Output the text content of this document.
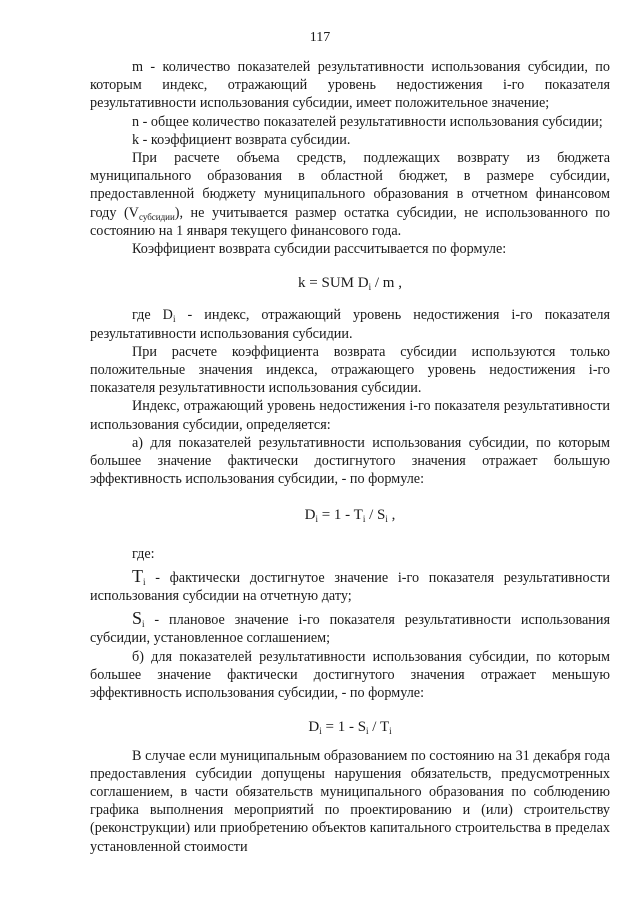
117

m - количество показателей результативности использования субсидии, по которым индекс, отражающий уровень недостижения i-го показателя результативности использования субсидии, имеет положительное значение;

n - общее количество показателей результативности использования субсидии;

k - коэффициент возврата субсидии.

При расчете объема средств, подлежащих возврату из бюджета муниципального образования в областной бюджет, в размере субсидии, предоставленной бюджету муниципального образования в отчетном финансовом году $(V_{субсидии})$, не учитывается размер остатка субсидии, не использованного по состоянию на 1 января текущего финансового года.

Коэффициент возврата субсидии рассчитывается по формуле:

k = SUM $D_i$ / m ,

где $D_i$ - индекс, отражающий уровень недостижения i-го показателя результативности использования субсидии.

При расчете коэффициента возврата субсидии используются только положительные значения индекса, отражающего уровень недостижения i-го показателя результативности использования субсидии.

Индекс, отражающий уровень недостижения i-го показателя результативности использования субсидии, определяется:

а) для показателей результативности использования субсидии, по которым большее значение фактически достигнутого значения отражает большую эффективность использования субсидии, - по формуле:

$D_i = 1 - T_i / S_i$ ,

где:

$T_i$ - фактически достигнутое значение i-го показателя результативности использования субсидии на отчетную дату;

$S_i$ - плановое значение i-го показателя результативности использования субсидии, установленное соглашением;

б) для показателей результативности использования субсидии, по которым большее значение фактически достигнутого значения отражает меньшую эффективность использования субсидии, - по формуле:

$D_i = 1 - S_i / T_i$

В случае если муниципальным образованием по состоянию на 31 декабря года предоставления субсидии допущены нарушения обязательств, предусмотренных соглашением, в части обязательств муниципального образования по соблюдению графика выполнения мероприятий по проектированию и (или) строительству (реконструкции) или приобретению объектов капитального строительства в пределах установленной стоимости
